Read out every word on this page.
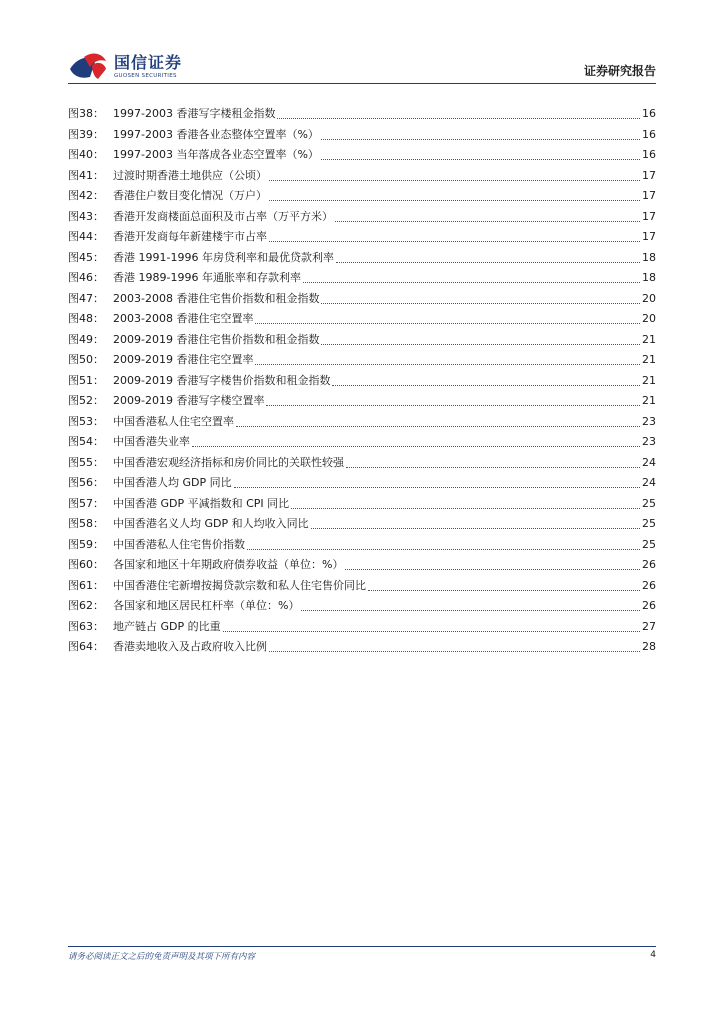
国信证券
GUOSEN SECURITIES	证券研究报告
图38： 1997-2003 香港写字楼租金指数	16
图39： 1997-2003 香港各业态整体空置率（%）	16
图40： 1997-2003 当年落成各业态空置率（%）	16
图41： 过渡时期香港土地供应（公顷）	17
图42： 香港住户数目变化情况（万户）	17
图43： 香港开发商楼面总面积及市占率（万平方米）	17
图44： 香港开发商每年新建楼宇市占率	17
图45： 香港 1991-1996 年房贷利率和最优贷款利率	18
图46： 香港 1989-1996 年通胀率和存款利率	18
图47： 2003-2008 香港住宅售价指数和租金指数	20
图48： 2003-2008 香港住宅空置率	20
图49： 2009-2019 香港住宅售价指数和租金指数	21
图50： 2009-2019 香港住宅空置率	21
图51： 2009-2019 香港写字楼售价指数和租金指数	21
图52： 2009-2019 香港写字楼空置率	21
图53： 中国香港私人住宅空置率	23
图54： 中国香港失业率	23
图55： 中国香港宏观经济指标和房价同比的关联性较强	24
图56： 中国香港人均 GDP 同比	24
图57： 中国香港 GDP 平减指数和 CPI 同比	25
图58： 中国香港名义人均 GDP 和人均收入同比	25
图59： 中国香港私人住宅售价指数	25
图60： 各国家和地区十年期政府债券收益（单位：%）	26
图61： 中国香港住宅新增按揭贷款宗数和私人住宅售价同比	26
图62： 各国家和地区居民杠杆率（单位：%）	26
图63： 地产链占 GDP 的比重	27
图64： 香港卖地收入及占政府收入比例	28
请务必阅读正文之后的免责声明及其项下所有内容	4
